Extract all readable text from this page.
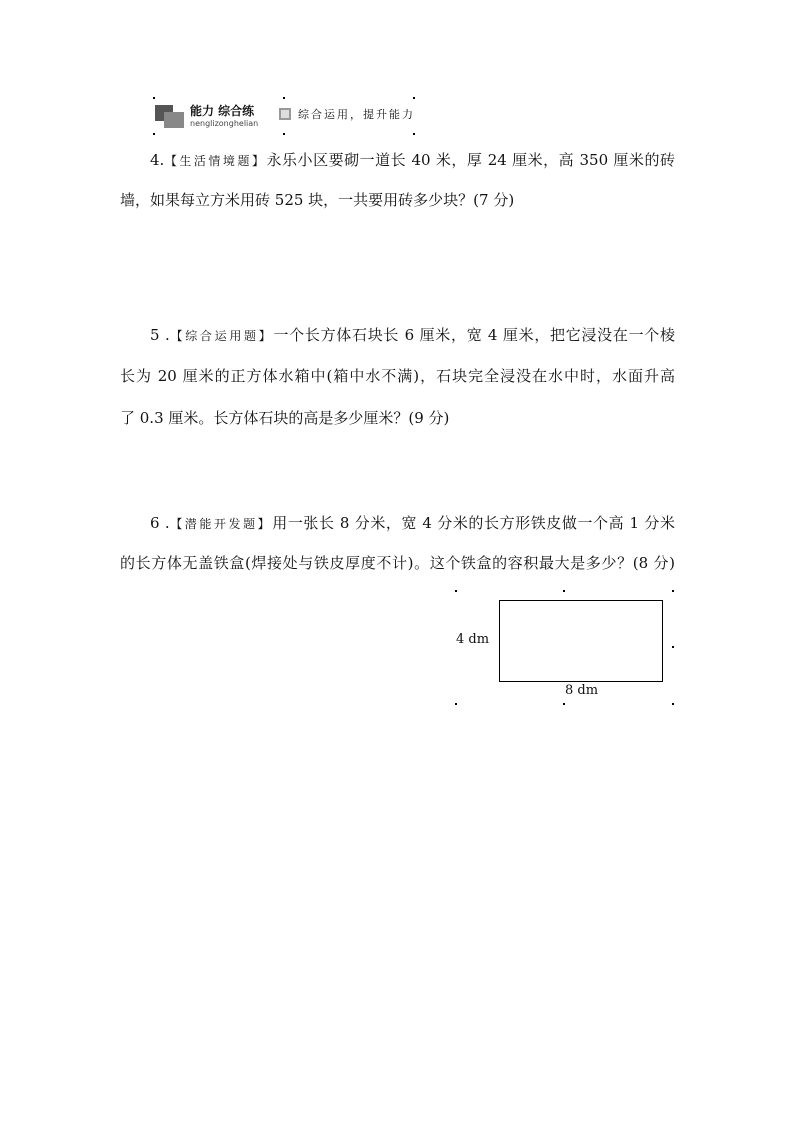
能力 综合练
nenglizonghelian
综合运用，提升能力
4.【生活情境题】永乐小区要砌一道长 40 米，厚 24 厘米，高 350 厘米的砖
墙，如果每立方米用砖 525 块，一共要用砖多少块？(7 分)
5 .【综合运用题】一个长方体石块长 6 厘米，宽 4 厘米，把它浸没在一个棱
长为 20 厘米的正方体水箱中(箱中水不满)，石块完全浸没在水中时，水面升高
了 0.3 厘米。长方体石块的高是多少厘米？(9 分)
6 .【潜能开发题】用一张长 8 分米，宽 4 分米的长方形铁皮做一个高 1 分米
的长方体无盖铁盒(焊接处与铁皮厚度不计)。这个铁盒的容积最大是多少？(8 分)
4 dm
8 dm
